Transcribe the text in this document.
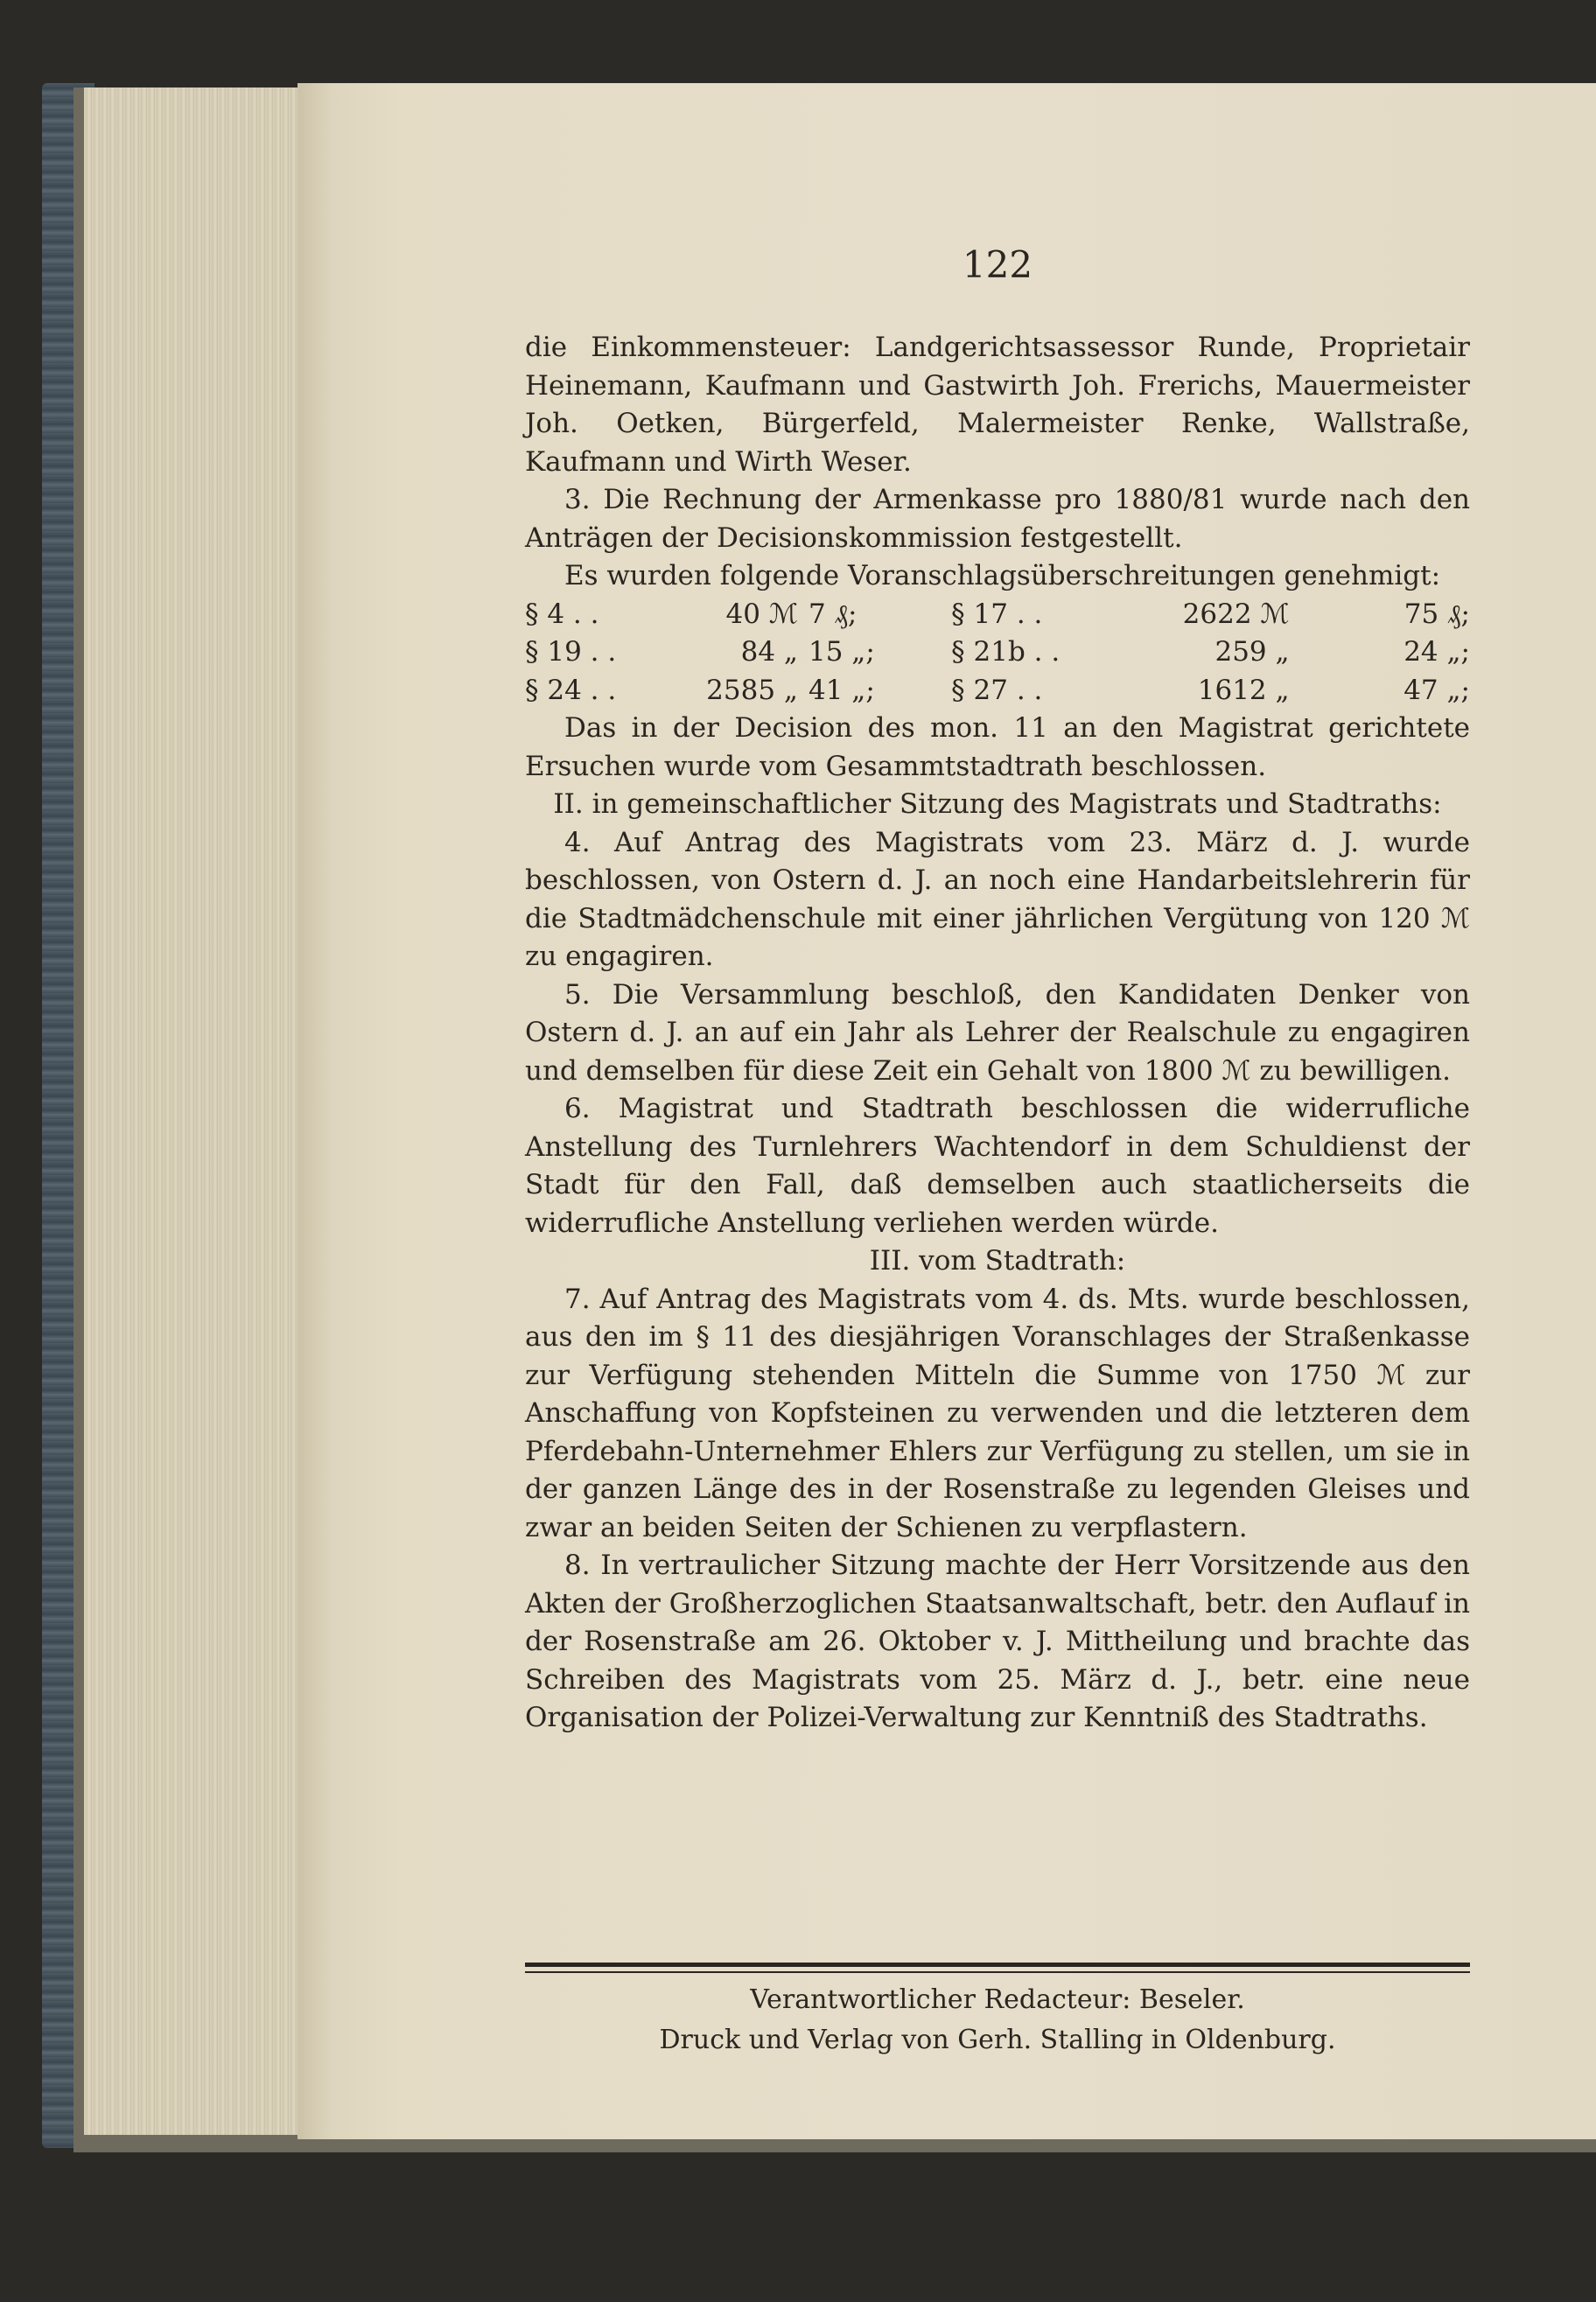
122

die Einkommensteuer: Landgerichtsassessor Runde, Proprietair Heinemann, Kaufmann und Gastwirth Joh. Frerichs, Mauermeister Joh. Oetken, Bürgerfeld, Malermeister Renke, Wallstraße, Kaufmann und Wirth Weser.

3. Die Rechnung der Armenkasse pro 1880/81 wurde nach den Anträgen der Decisionskommission festgestellt.

Es wurden folgende Voranschlagsüberschreitungen genehmigt:

§ 4 . .	40 ℳ	7 ₰;	§ 17 . .	2622 ℳ	75 ₰;
§ 19 . .	84 „	15 „;	§ 21b . .	259 „	24 „;
§ 24 . .	2585 „	41 „;	§ 27 . .	1612 „	47 „;

Das in der Decision des mon. 11 an den Magistrat gerichtete Ersuchen wurde vom Gesammtstadtrath beschlossen.

II. in gemeinschaftlicher Sitzung des Magistrats und Stadtraths:

4. Auf Antrag des Magistrats vom 23. März d. J. wurde beschlossen, von Ostern d. J. an noch eine Handarbeitslehrerin für die Stadtmädchenschule mit einer jährlichen Vergütung von 120 ℳ zu engagiren.

5. Die Versammlung beschloß, den Kandidaten Denker von Ostern d. J. an auf ein Jahr als Lehrer der Realschule zu engagiren und demselben für diese Zeit ein Gehalt von 1800 ℳ zu bewilligen.

6. Magistrat und Stadtrath beschlossen die widerrufliche Anstellung des Turnlehrers Wachtendorf in dem Schuldienst der Stadt für den Fall, daß demselben auch staatlicherseits die widerrufliche Anstellung verliehen werden würde.

III. vom Stadtrath:

7. Auf Antrag des Magistrats vom 4. ds. Mts. wurde beschlossen, aus den im § 11 des diesjährigen Voranschlages der Straßenkasse zur Verfügung stehenden Mitteln die Summe von 1750 ℳ zur Anschaffung von Kopfsteinen zu verwenden und die letzteren dem Pferdebahn-Unternehmer Ehlers zur Verfügung zu stellen, um sie in der ganzen Länge des in der Rosenstraße zu legenden Gleises und zwar an beiden Seiten der Schienen zu verpflastern.

8. In vertraulicher Sitzung machte der Herr Vorsitzende aus den Akten der Großherzoglichen Staatsanwaltschaft, betr. den Auflauf in der Rosenstraße am 26. Oktober v. J. Mittheilung und brachte das Schreiben des Magistrats vom 25. März d. J., betr. eine neue Organisation der Polizei-Verwaltung zur Kenntniß des Stadtraths.

Verantwortlicher Redacteur: Beseler.
Druck und Verlag von Gerh. Stalling in Oldenburg.
